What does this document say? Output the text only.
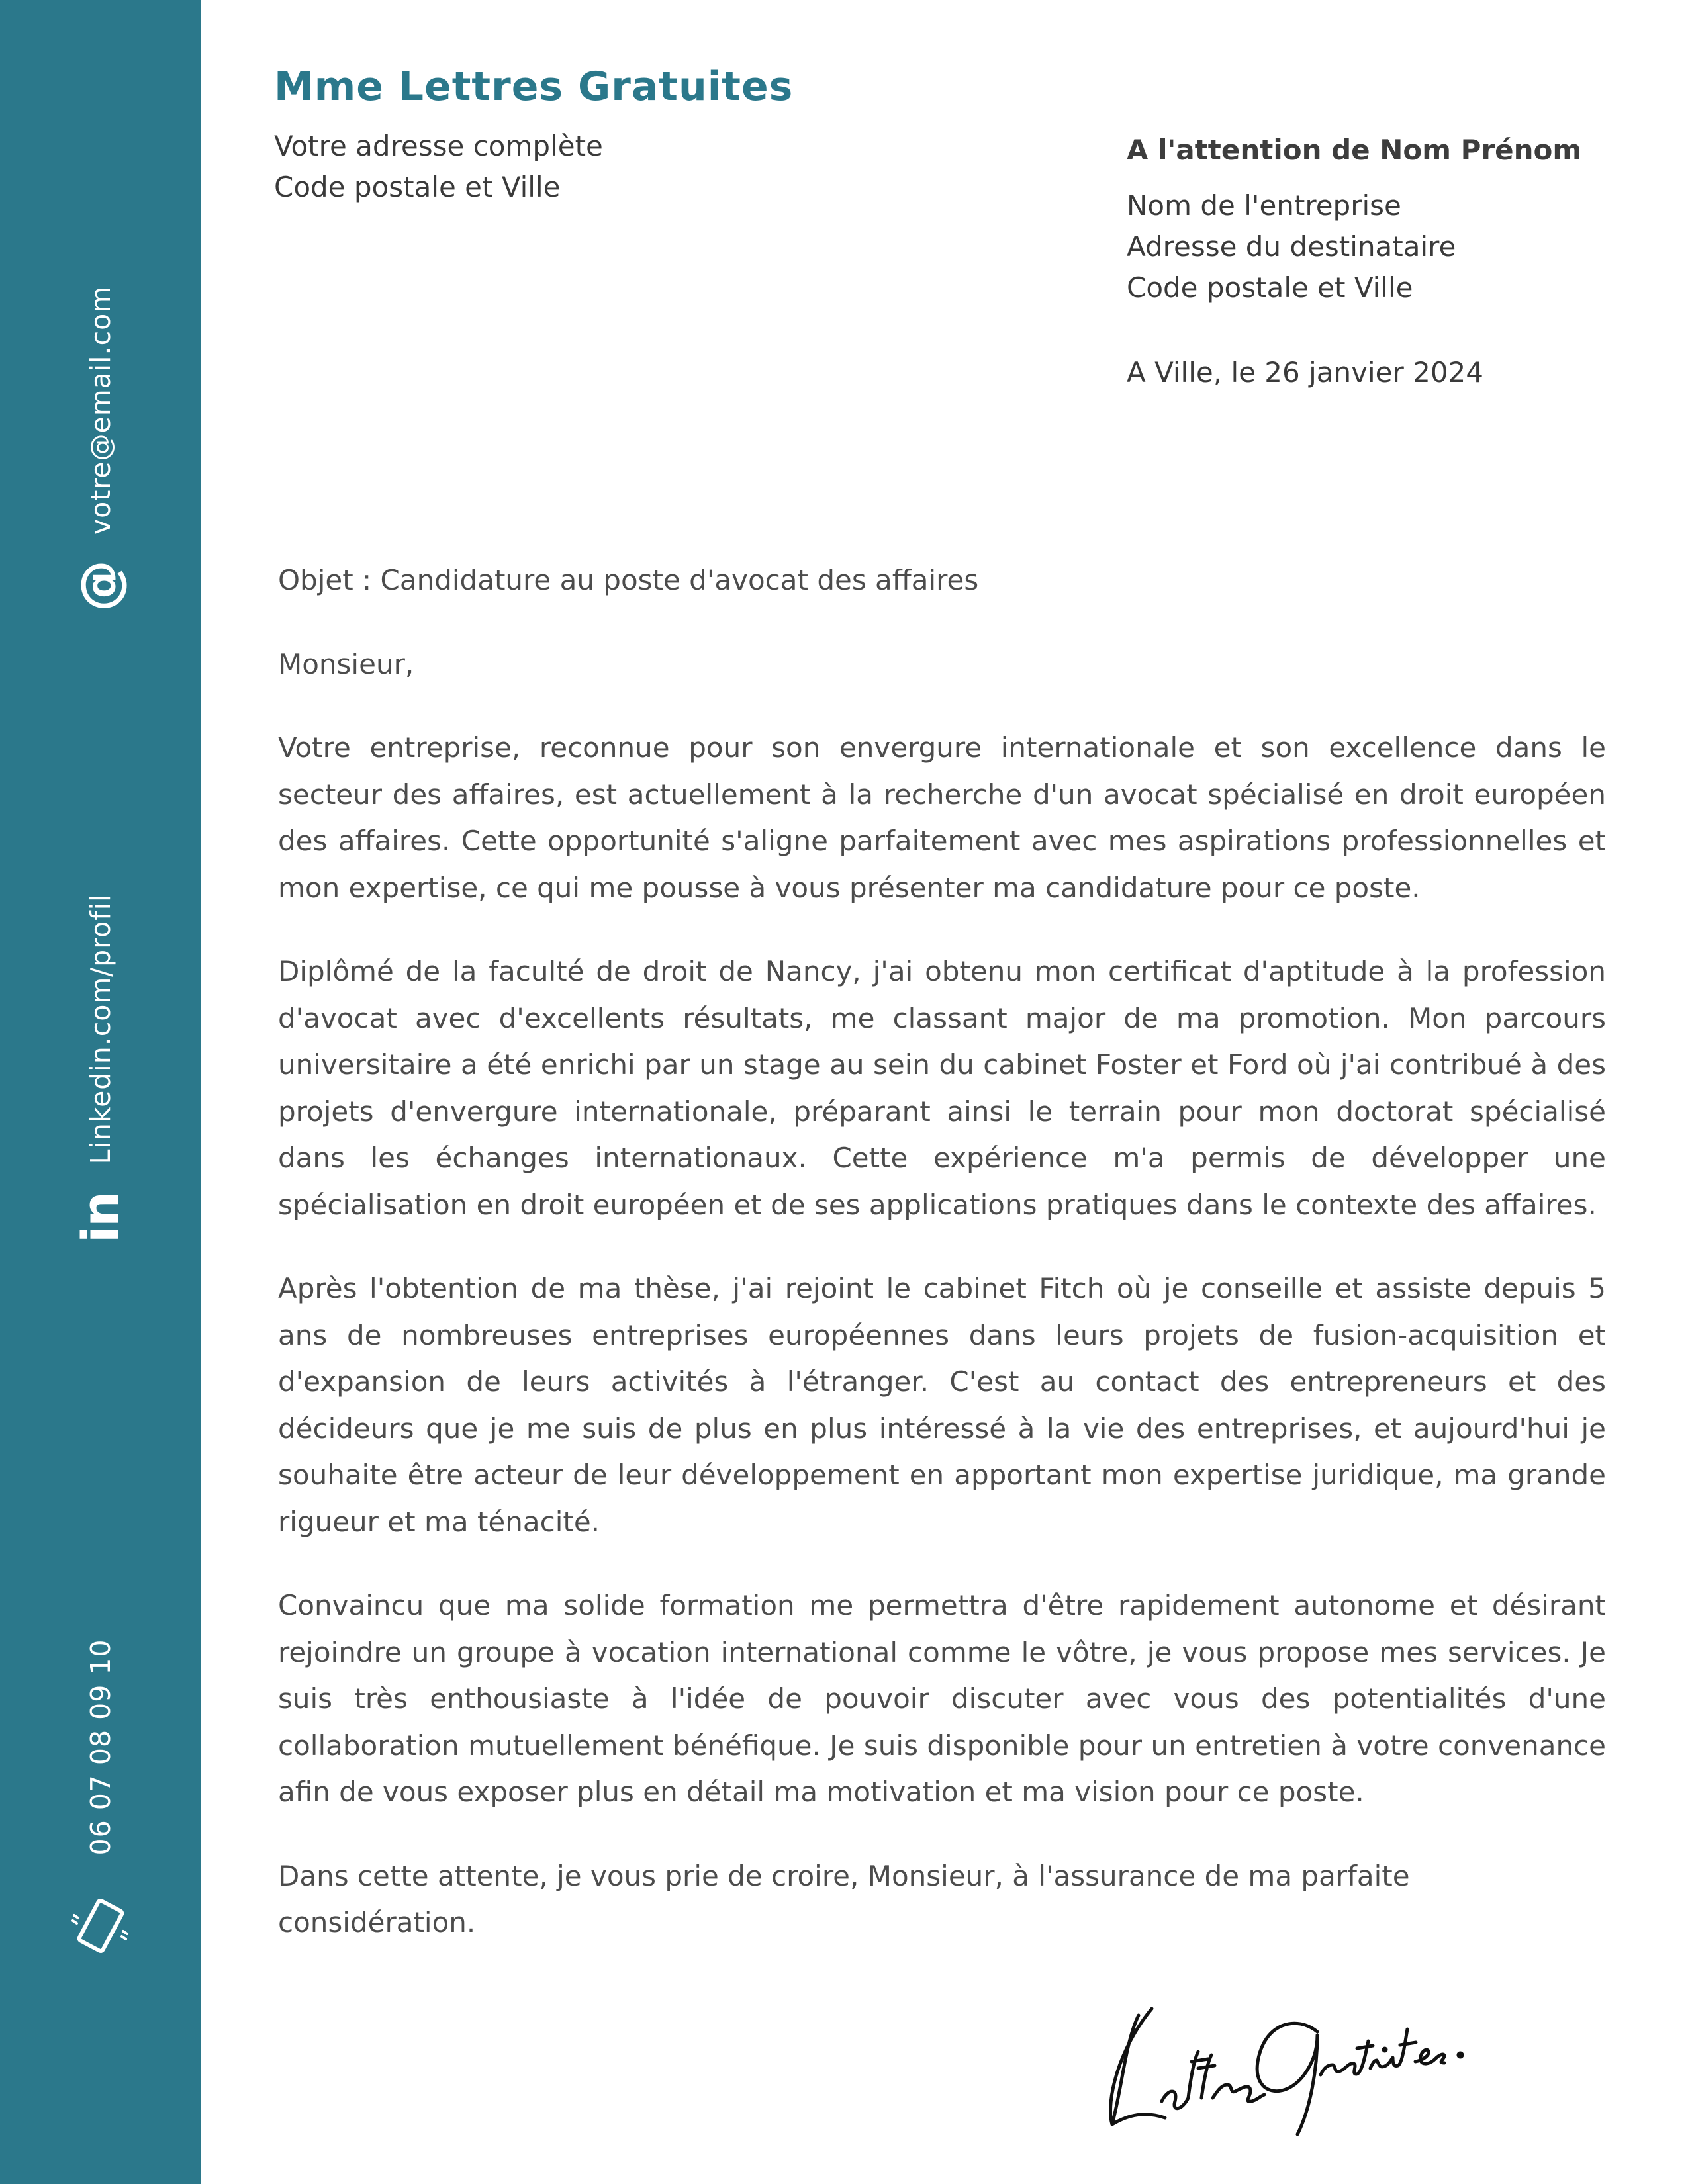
votre@email.com
@
Linkedin.com/profil
in
06 07 08 09 10
Mme Lettres Gratuites
Votre adresse complète
Code postale et Ville
A l'attention de Nom Prénom
Nom de l'entreprise
Adresse du destinataire
Code postale et Ville
A Ville, le 26 janvier 2024

Objet : Candidature au poste d'avocat des affaires

Monsieur,

Votre entreprise, reconnue pour son envergure internationale et son excellence dans le secteur des affaires, est actuellement à la recherche d'un avocat spécialisé en droit européen des affaires. Cette opportunité s'aligne parfaitement avec mes aspirations professionnelles et mon expertise, ce qui me pousse à vous présenter ma candidature pour ce poste.

Diplômé de la faculté de droit de Nancy, j'ai obtenu mon certificat d'aptitude à la profession d'avocat avec d'excellents résultats, me classant major de ma promotion. Mon parcours universitaire a été enrichi par un stage au sein du cabinet Foster et Ford où j'ai contribué à des projets d'envergure internationale, préparant ainsi le terrain pour mon doctorat spécialisé dans les échanges internationaux. Cette expérience m'a permis de développer une spécialisation en droit européen et de ses applications pratiques dans le contexte des affaires.

Après l'obtention de ma thèse, j'ai rejoint le cabinet Fitch où je conseille et assiste depuis 5 ans de nombreuses entreprises européennes dans leurs projets de fusion-acquisition et d'expansion de leurs activités à l'étranger. C'est au contact des entrepreneurs et des décideurs que je me suis de plus en plus intéressé à la vie des entreprises, et aujourd'hui je souhaite être acteur de leur développement en apportant mon expertise juridique, ma grande rigueur et ma ténacité.

Convaincu que ma solide formation me permettra d'être rapidement autonome et désirant rejoindre un groupe à vocation international comme le vôtre, je vous propose mes services. Je suis très enthousiaste à l'idée de pouvoir discuter avec vous des potentialités d'une collaboration mutuellement bénéfique. Je suis disponible pour un entretien à votre convenance afin de vous exposer plus en détail ma motivation et ma vision pour ce poste.

Dans cette attente, je vous prie de croire, Monsieur, à l'assurance de ma parfaite considération.
